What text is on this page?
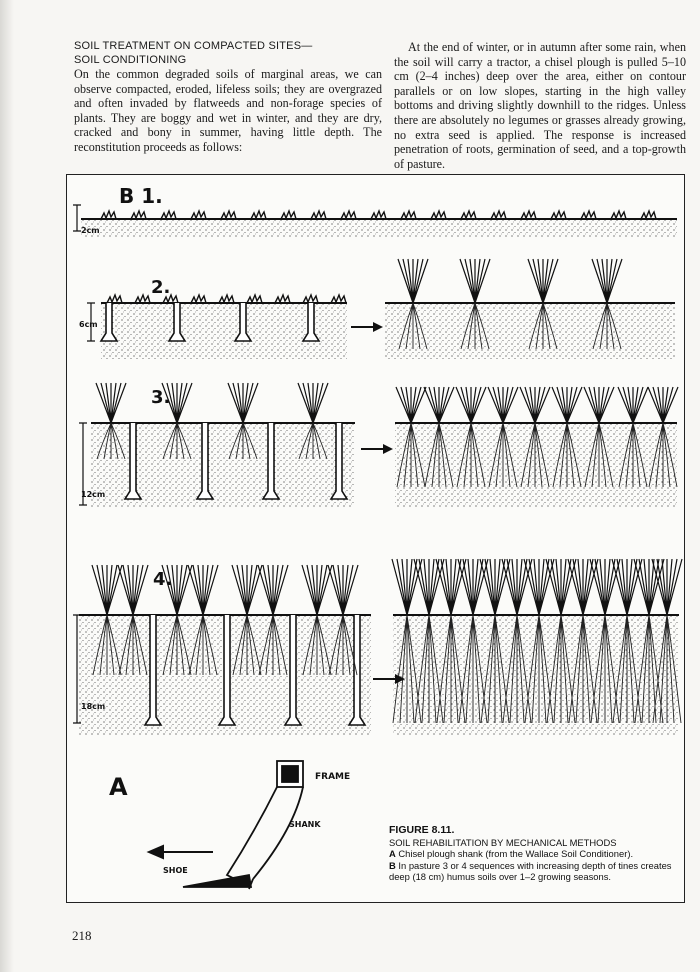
SOIL TREATMENT ON COMPACTED SITES—
SOIL CONDITIONING

On the common degraded soils of marginal areas, we can observe compacted, eroded, lifeless soils; they are overgrazed and often invaded by flatweeds and non-forage species of plants. They are boggy and wet in winter, and they are dry, cracked and bony in summer, having little depth. The reconstitution proceeds as follows:

At the end of winter, or in autumn after some rain, when the soil will carry a tractor, a chisel plough is pulled 5–10 cm (2–4 inches) deep over the area, either on contour parallels or on low slopes, starting in the high valley bottoms and driving slightly downhill to the ridges. Unless there are absolutely no legumes or grasses already growing, no extra seed is applied. The response is increased penetration of roots, germination of seed, and a top-growth of pasture.

B 1.
2.
3.
4.
A
2cm
6cm
12cm
18cm
FRAME
SHANK
SHOE
FIGURE 8.11.
SOIL REHABILITATION BY MECHANICAL METHODS
A Chisel plough shank (from the Wallace Soil Conditioner).
B In pasture 3 or 4 sequences with increasing depth of tines creates deep (18 cm) humus soils over 1–2 growing seasons.
218
